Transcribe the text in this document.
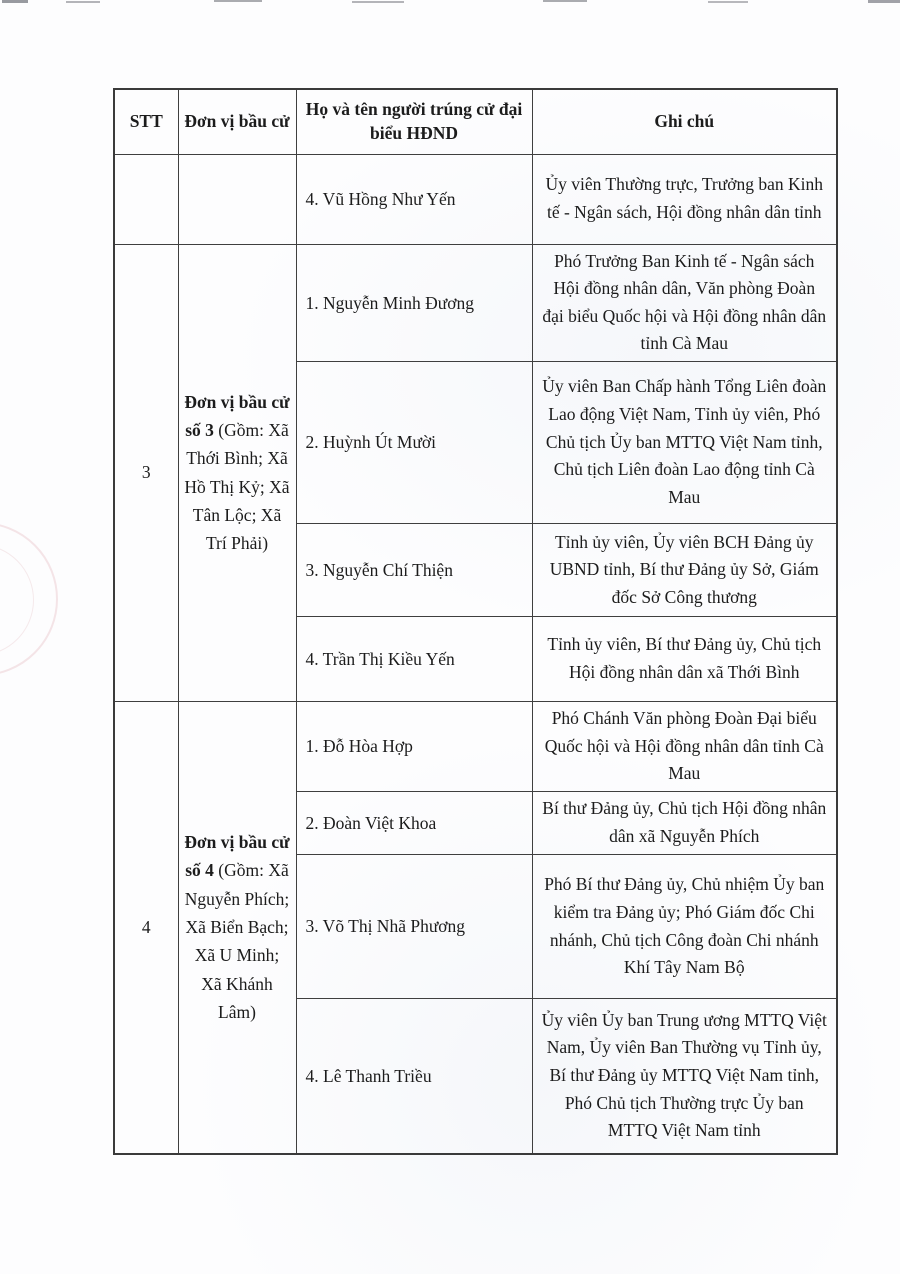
STT	Đơn vị bầu cử	Họ và tên người trúng cử đại biểu HĐND	Ghi chú
		4. Vũ Hồng Như Yến	Ủy viên Thường trực, Trưởng ban Kinh tế - Ngân sách, Hội đồng nhân dân tỉnh
3	Đơn vị bầu cử số 3 (Gồm: Xã Thới Bình; Xã Hồ Thị Kỷ; Xã Tân Lộc; Xã Trí Phải)	1. Nguyễn Minh Đương	Phó Trưởng Ban Kinh tế - Ngân sách Hội đồng nhân dân, Văn phòng Đoàn đại biểu Quốc hội và Hội đồng nhân dân tỉnh Cà Mau
		2. Huỳnh Út Mười	Ủy viên Ban Chấp hành Tổng Liên đoàn Lao động Việt Nam, Tỉnh ủy viên, Phó Chủ tịch Ủy ban MTTQ Việt Nam tỉnh, Chủ tịch Liên đoàn Lao động tỉnh Cà Mau
		3. Nguyễn Chí Thiện	Tỉnh ủy viên, Ủy viên BCH Đảng ủy UBND tỉnh, Bí thư Đảng ủy Sở, Giám đốc Sở Công thương
		4. Trần Thị Kiều Yến	Tỉnh ủy viên, Bí thư Đảng ủy, Chủ tịch Hội đồng nhân dân xã Thới Bình
4	Đơn vị bầu cử số 4 (Gồm: Xã Nguyễn Phích; Xã Biển Bạch; Xã U Minh; Xã Khánh Lâm)	1. Đỗ Hòa Hợp	Phó Chánh Văn phòng Đoàn Đại biểu Quốc hội và Hội đồng nhân dân tỉnh Cà Mau
		2. Đoàn Việt Khoa	Bí thư Đảng ủy, Chủ tịch Hội đồng nhân dân xã Nguyễn Phích
		3. Võ Thị Nhã Phương	Phó Bí thư Đảng ủy, Chủ nhiệm Ủy ban kiểm tra Đảng ủy; Phó Giám đốc Chi nhánh, Chủ tịch Công đoàn Chi nhánh Khí Tây Nam Bộ
		4. Lê Thanh Triều	Ủy viên Ủy ban Trung ương MTTQ Việt Nam, Ủy viên Ban Thường vụ Tỉnh ủy, Bí thư Đảng ủy MTTQ Việt Nam tỉnh, Phó Chủ tịch Thường trực Ủy ban MTTQ Việt Nam tỉnh
